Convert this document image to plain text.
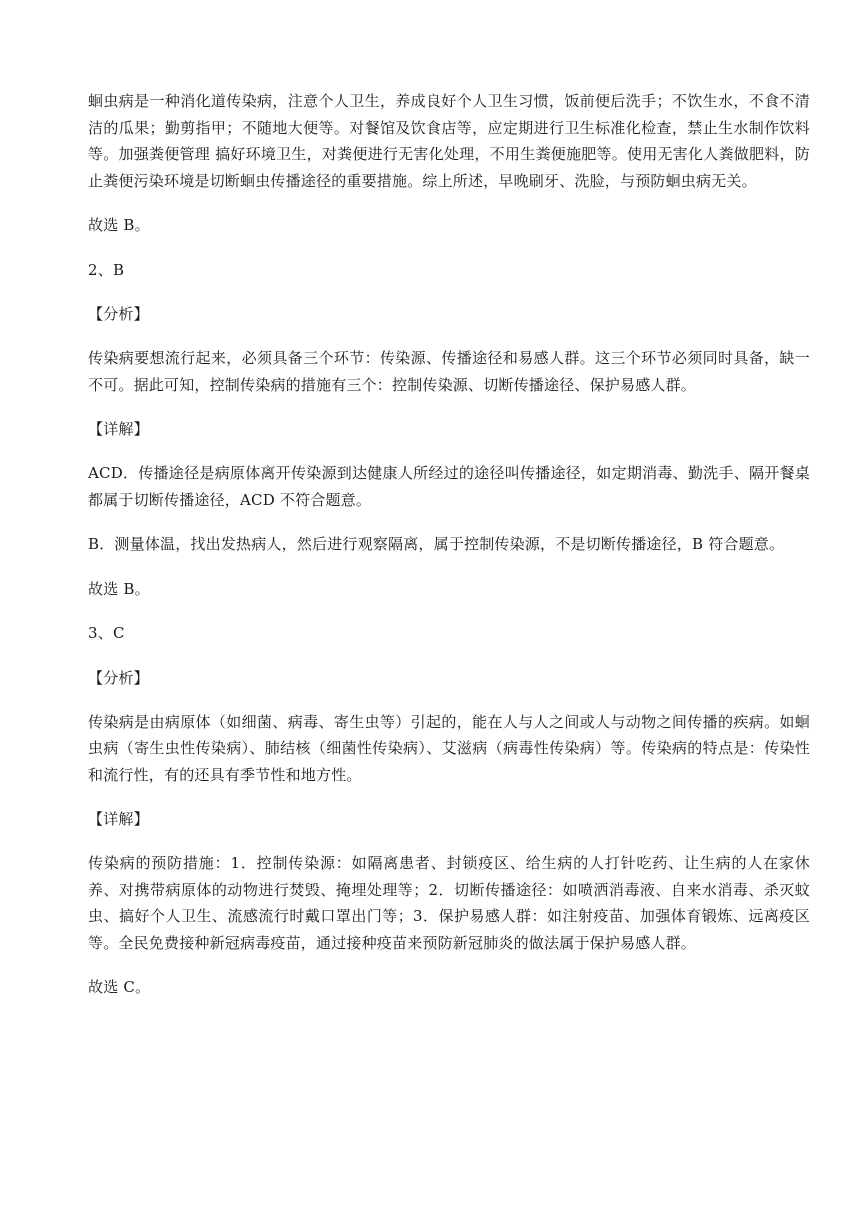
蛔虫病是一种消化道传染病，注意个人卫生，养成良好个人卫生习惯，饭前便后洗手；不饮生水，不食不清洁的瓜果；勤剪指甲；不随地大便等。对餐馆及饮食店等，应定期进行卫生标准化检查，禁止生水制作饮料等。加强粪便管理 搞好环境卫生，对粪便进行无害化处理，不用生粪便施肥等。使用无害化人粪做肥料，防止粪便污染环境是切断蛔虫传播途径的重要措施。综上所述，早晚刷牙、洗脸，与预防蛔虫病无关。

故选 B。

2、B

【分析】

传染病要想流行起来，必须具备三个环节：传染源、传播途径和易感人群。这三个环节必须同时具备，缺一不可。据此可知，控制传染病的措施有三个：控制传染源、切断传播途径、保护易感人群。

【详解】

ACD．传播途径是病原体离开传染源到达健康人所经过的途径叫传播途径，如定期消毒、勤洗手、隔开餐桌都属于切断传播途径，ACD 不符合题意。

B．测量体温，找出发热病人，然后进行观察隔离，属于控制传染源，不是切断传播途径，B 符合题意。

故选 B。

3、C

【分析】

传染病是由病原体（如细菌、病毒、寄生虫等）引起的，能在人与人之间或人与动物之间传播的疾病。如蛔虫病（寄生虫性传染病）、肺结核（细菌性传染病）、艾滋病（病毒性传染病）等。传染病的特点是：传染性和流行性，有的还具有季节性和地方性。

【详解】

传染病的预防措施：1．控制传染源：如隔离患者、封锁疫区、给生病的人打针吃药、让生病的人在家休养、对携带病原体的动物进行焚毁、掩埋处理等；2．切断传播途径：如喷洒消毒液、自来水消毒、杀灭蚊虫、搞好个人卫生、流感流行时戴口罩出门等；3．保护易感人群：如注射疫苗、加强体育锻炼、远离疫区等。全民免费接种新冠病毒疫苗，通过接种疫苗来预防新冠肺炎的做法属于保护易感人群。

故选 C。
